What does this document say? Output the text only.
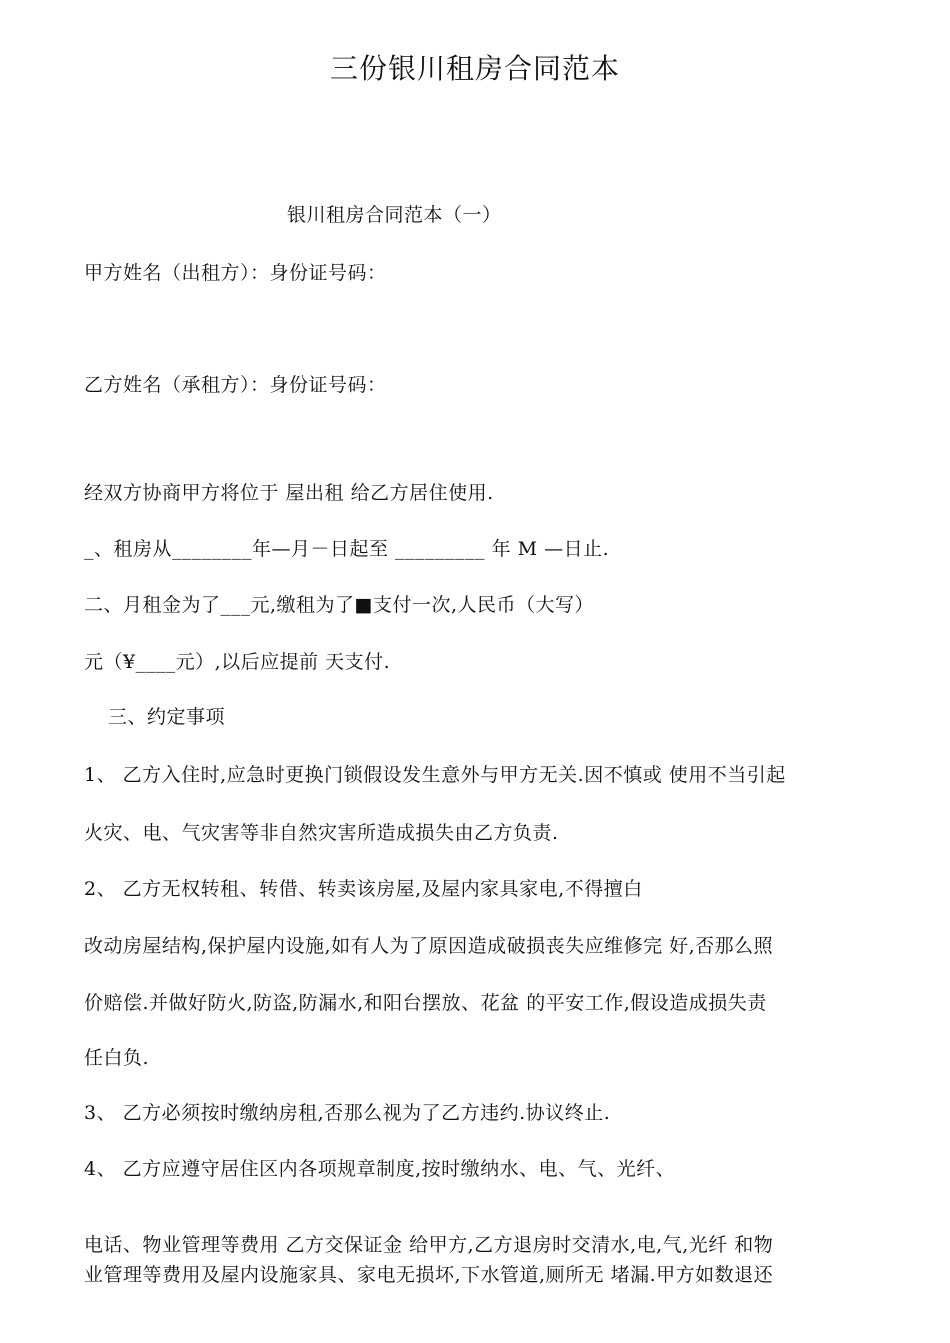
三份银川租房合同范本
银川租房合同范本（一）
甲方姓名（出租方）：身份证号码：
乙方姓名（承租方）：身份证号码：
经双方协商甲方将位于 屋出租 给乙方居住使用.
_、租房从________年—月－日起至 _________ 年 M —日止.
二、月租金为了___元,缴租为了■支付一次,人民币（大写）
元（¥____元）,以后应提前 天支付.
三、约定事项
1、 乙方入住时,应急时更换门锁假设发生意外与甲方无关.因不慎或 使用不当引起
火灾、电、气灾害等非自然灾害所造成损失由乙方负责.
2、 乙方无权转租、转借、转卖该房屋,及屋内家具家电,不得擅白
改动房屋结构,保护屋内设施,如有人为了原因造成破损丧失应维修完 好,否那么照
价赔偿.并做好防火,防盗,防漏水,和阳台摆放、花盆 的平安工作,假设造成损失责
任白负.
3、 乙方必须按时缴纳房租,否那么视为了乙方违约.协议终止.
4、 乙方应遵守居住区内各项规章制度,按时缴纳水、电、气、光纤、
电话、物业管理等费用 乙方交保证金 给甲方,乙方退房时交清水,电,气,光纤 和物
业管理等费用及屋内设施家具、家电无损坏,下水管道,厕所无 堵漏.甲方如数退还
